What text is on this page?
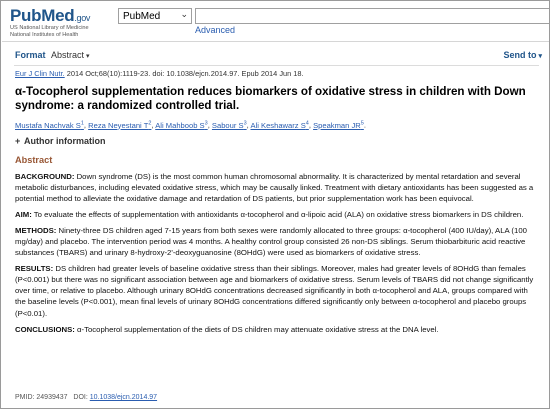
PubMed.gov
US National Library of Medicine
National Institutes of Health
PubMed ⌄
Advanced
Format Abstract ▾	Send to ▾
Eur J Clin Nutr. 2014 Oct;68(10):1119-23. doi: 10.1038/ejcn.2014.97. Epub 2014 Jun 18.
α-Tocopherol supplementation reduces biomarkers of oxidative stress in children with Down syndrome: a randomized controlled trial.
Mustafa Nachvak $S^1$, Reza Neyestani $T^2$, Ali Mahboob $S^3$, Sabour $S^3$, Ali Keshawarz $S^4$, Speakman $JR^5$.
+ Author information
Abstract
BACKGROUND: Down syndrome (DS) is the most common human chromosomal abnormality. It is characterized by mental retardation and several metabolic disturbances, including elevated oxidative stress, which may be causally linked. Treatment with dietary antioxidants has been suggested as a potential method to alleviate the oxidative damage and retardation of DS patients, but prior supplementation work has been equivocal.
AIM: To evaluate the effects of supplementation with antioxidants α-tocopherol and α-lipoic acid (ALA) on oxidative stress biomarkers in DS children.
METHODS: Ninety-three DS children aged 7-15 years from both sexes were randomly allocated to three groups: α-tocopherol (400 IU/day), ALA (100 mg/day) and placebo. The intervention period was 4 months. A healthy control group consisted 26 non-DS siblings. Serum thiobarbituric acid reactive substances (TBARS) and urinary 8-hydroxy-2'-deoxyguanosine (8OHdG) were used as biomarkers of oxidative stress.
RESULTS: DS children had greater levels of baseline oxidative stress than their siblings. Moreover, males had greater levels of 8OHdG than females (P<0.001) but there was no significant association between age and biomarkers of oxidative stress. Serum levels of TBARS did not change significantly over time, or relative to placebo. Although urinary 8OHdG concentrations decreased significantly in both α-tocopherol and ALA, groups compared with the baseline levels (P<0.001), mean final levels of urinary 8OHdG concentrations differed significantly only between α-tocopherol and placebo groups (P<0.01).
CONCLUSIONS: α-Tocopherol supplementation of the diets of DS children may attenuate oxidative stress at the DNA level.
PMID: 24939437 DOI: 10.1038/ejcn.2014.97
